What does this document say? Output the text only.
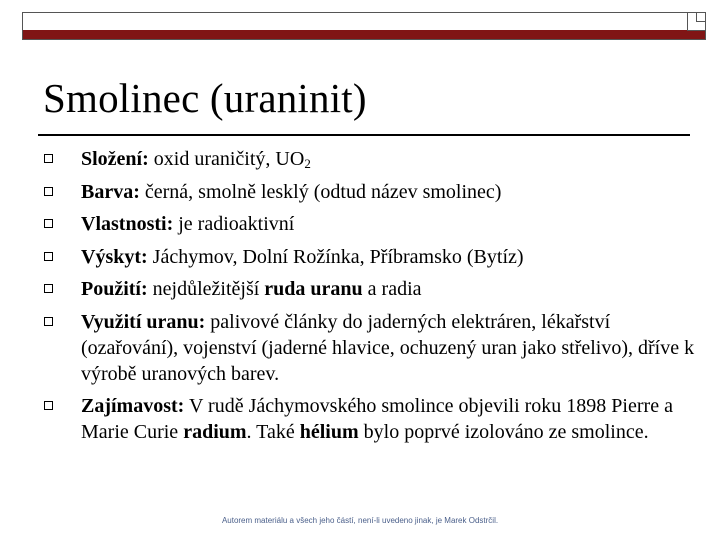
Smolinec (uraninit)
Složení: oxid uraničitý, $UO_2$
Barva: černá, smolně lesklý (odtud název smolinec)
Vlastnosti: je radioaktivní
Výskyt: Jáchymov, Dolní Rožínka, Příbramsko (Bytíz)
Použití: nejdůležitější ruda uranu a radia
Využití uranu: palivové články do jaderných elektráren, lékařství (ozařování), vojenství (jaderné hlavice, ochuzený uran jako střelivo), dříve k výrobě uranových barev.
Zajímavost: V rudě Jáchymovského smolince objevili roku 1898 Pierre a Marie Curie radium. Také hélium bylo poprvé izolováno ze smolince.
Autorem materiálu a všech jeho částí, není-li uvedeno jinak, je Marek Odstrčil.
